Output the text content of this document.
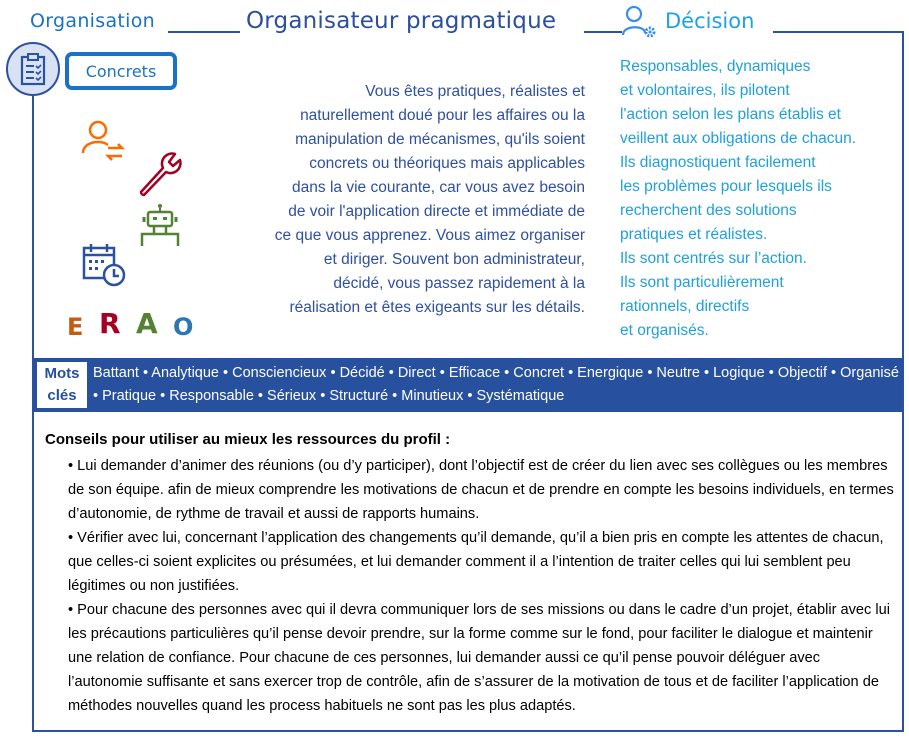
Organisation	Organisateur pragmatique	Décision
Concrets
E R A O
Vous êtes pratiques, réalistes et
naturellement doué pour les affaires ou la
manipulation de mécanismes, qu'ils soient
concrets ou théoriques mais applicables
dans la vie courante, car vous avez besoin
de voir l'application directe et immédiate de
ce que vous apprenez. Vous aimez organiser
et diriger. Souvent bon administrateur,
décidé, vous passez rapidement à la
réalisation et êtes exigeants sur les détails.
Responsables, dynamiques
et volontaires, ils pilotent
l'action selon les plans établis et
veillent aux obligations de chacun.
Ils diagnostiquent facilement
les problèmes pour lesquels ils
recherchent des solutions
pratiques et réalistes.
Ils sont centrés sur l’action.
Ils sont particulièrement
rationnels, directifs
et organisés.
Mots
clés
Battant • Analytique • Consciencieux • Décidé • Direct • Efficace • Concret • Energique • Neutre • Logique • Objectif • Organisé • Pratique • Responsable • Sérieux • Structuré • Minutieux • Systématique
Conseils pour utiliser au mieux les ressources du profil :

• Lui demander d’animer des réunions (ou d’y participer), dont l’objectif est de créer du lien avec ses collègues ou les membres de son équipe. afin de mieux comprendre les motivations de chacun et de prendre en compte les besoins individuels, en termes d’autonomie, de rythme de travail et aussi de rapports humains.

• Vérifier avec lui, concernant l’application des changements qu’il demande, qu’il a bien pris en compte les attentes de chacun, que celles-ci soient explicites ou présumées, et lui demander comment il a l’intention de traiter celles qui lui semblent peu légitimes ou non justifiées.

• Pour chacune des personnes avec qui il devra communiquer lors de ses missions ou dans le cadre d’un projet, établir avec lui les précautions particulières qu’il pense devoir prendre, sur la forme comme sur le fond, pour faciliter le dialogue et maintenir une relation de confiance. Pour chacune de ces personnes, lui demander aussi ce qu’il pense pouvoir déléguer avec l’autonomie suffisante et sans exercer trop de contrôle, afin de s’assurer de la motivation de tous et de faciliter l’application de méthodes nouvelles quand les process habituels ne sont pas les plus adaptés.
